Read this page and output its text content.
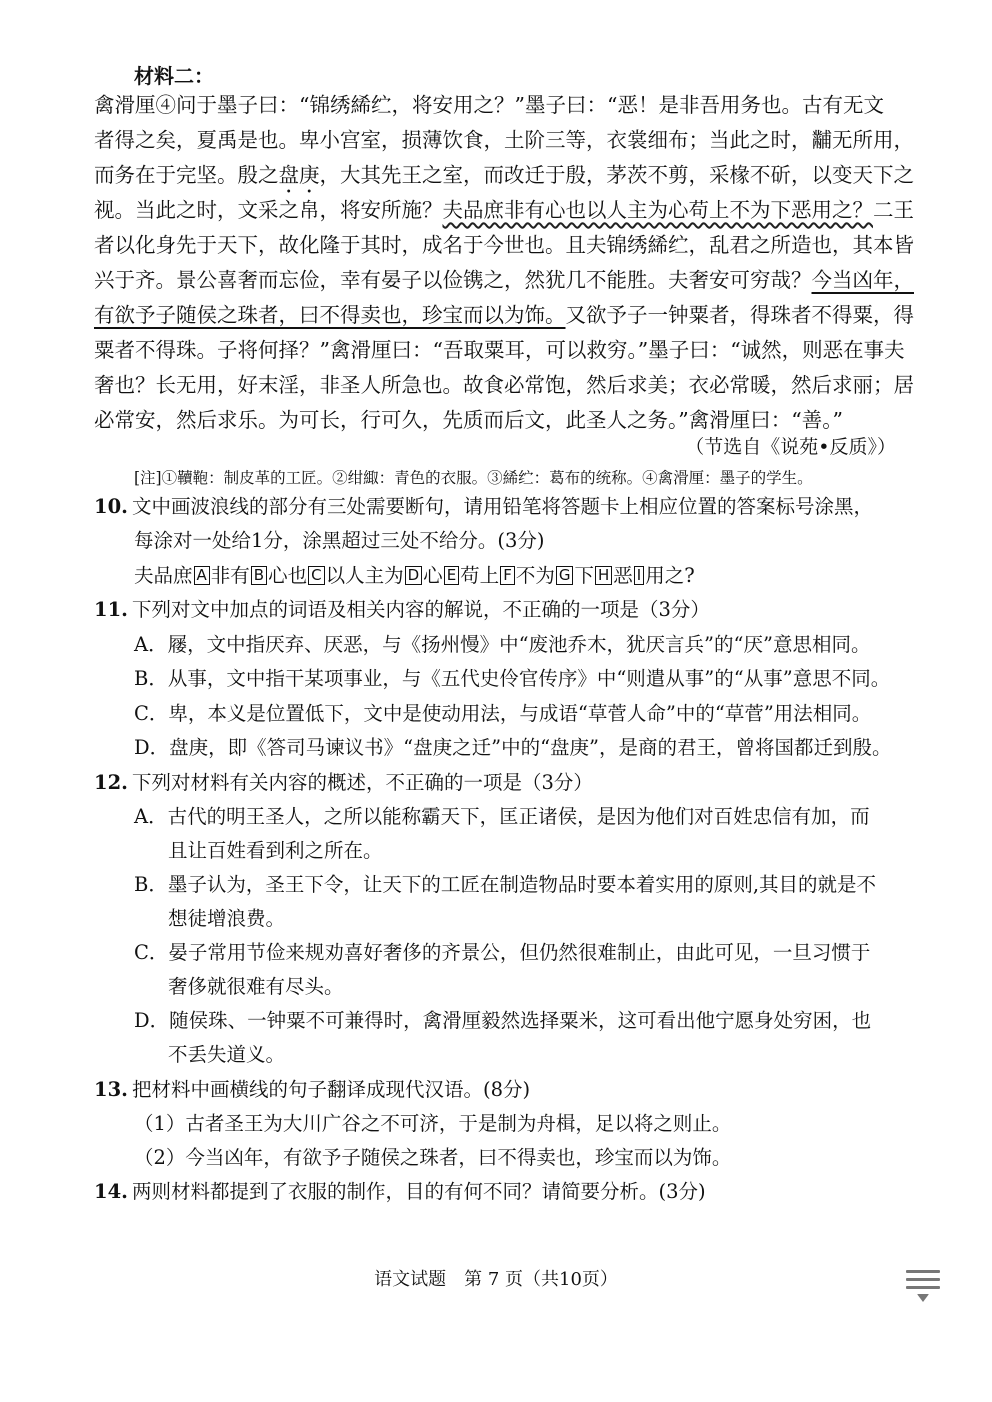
材料二：
禽滑厘④问于墨子曰：“锦绣絺纻，将安用之？”墨子曰：“恶！是非吾用务也。古有无文
者得之矣，夏禹是也。卑小宫室，损薄饮食，土阶三等，衣裳细布；当此之时，黼无所用，
而务在于完坚。殷之盘庚，大其先王之室，而改迁于殷，茅茨不剪，采椽不斫，以变天下之
视。当此之时，文采之帛，将安所施？夫品庶非有心也以人主为心苟上不为下恶用之？二王
者以化身先于天下，故化隆于其时，成名于今世也。且夫锦绣絺纻，乱君之所造也，其本皆
兴于齐。景公喜奢而忘俭，幸有晏子以俭镌之，然犹几不能胜。夫奢安可穷哉？今当凶年，
有欲予子随侯之珠者，曰不得卖也，珍宝而以为饰。又欲予子一钟粟者，得珠者不得粟，得
粟者不得珠。子将何择？”禽滑厘曰：“吾取粟耳，可以救穷。”墨子曰：“诚然，则恶在事夫
奢也？长无用，好末淫，非圣人所急也。故食必常饱，然后求美；衣必常暖，然后求丽；居
必常安，然后求乐。为可长，行可久，先质而后文，此圣人之务。”禽滑厘曰：“善。”
（节选自《说苑•反质》）
[注]①韇鞄：制皮革的工匠。②绀緅：青色的衣服。③絺纻：葛布的统称。④禽滑厘：墨子的学生。
10. 文中画波浪线的部分有三处需要断句，请用铅笔将答题卡上相应位置的答案标号涂黑，
每涂对一处给1分，涂黑超过三处不给分。(3分)
夫品庶 A 非有 B 心也 C 以人主为 D 心 E 苟上 F 不为 G 下 H 恶 I 用之?
11. 下列对文中加点的词语及相关内容的解说，不正确的一项是（3分）
A．屦，文中指厌弃、厌恶，与《扬州慢》中“废池乔木，犹厌言兵”的“厌”意思相同。
B．从事，文中指干某项事业，与《五代史伶官传序》中“则遣从事”的“从事”意思不同。
C．卑，本义是位置低下，文中是使动用法，与成语“草菅人命”中的“草菅”用法相同。
D．盘庚，即《答司马谏议书》“盘庚之迁”中的“盘庚”，是商的君王，曾将国都迁到殷。
12. 下列对材料有关内容的概述，不正确的一项是（3分）
A．古代的明王圣人，之所以能称霸天下，匡正诸侯，是因为他们对百姓忠信有加，而
且让百姓看到利之所在。
B．墨子认为，圣王下令，让天下的工匠在制造物品时要本着实用的原则,其目的就是不
想徒增浪费。
C．晏子常用节俭来规劝喜好奢侈的齐景公，但仍然很难制止，由此可见，一旦习惯于
奢侈就很难有尽头。
D．随侯珠、一钟粟不可兼得时，禽滑厘毅然选择粟米，这可看出他宁愿身处穷困，也
不丢失道义。
13. 把材料中画横线的句子翻译成现代汉语。(8分)
（1）古者圣王为大川广谷之不可济，于是制为舟楫，足以将之则止。
（2）今当凶年，有欲予子随侯之珠者，曰不得卖也，珍宝而以为饰。
14. 两则材料都提到了衣服的制作，目的有何不同？请简要分析。(3分)
语文试题　第 7 页（共10页）
